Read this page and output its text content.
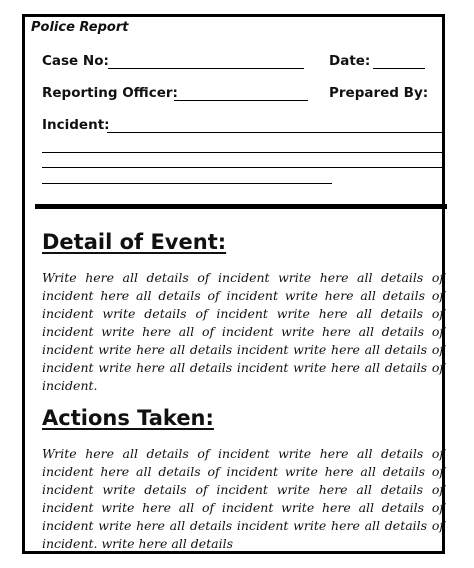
Police Report
Case No:	Date:
Reporting Officer:	Prepared By:
Incident:
Detail of Event:
Write here all details of incident write here all details of incident here all details of incident write here all details of incident write details of incident write here all details of incident write here all of incident write here all details of incident write here all details incident write here all details of incident write here all details incident write here all details of incident.
Actions Taken:
Write here all details of incident write here all details of incident here all details of incident write here all details of incident write details of incident write here all details of incident write here all of incident write here all details of incident write here all details incident write here all details of incident. write here all details
